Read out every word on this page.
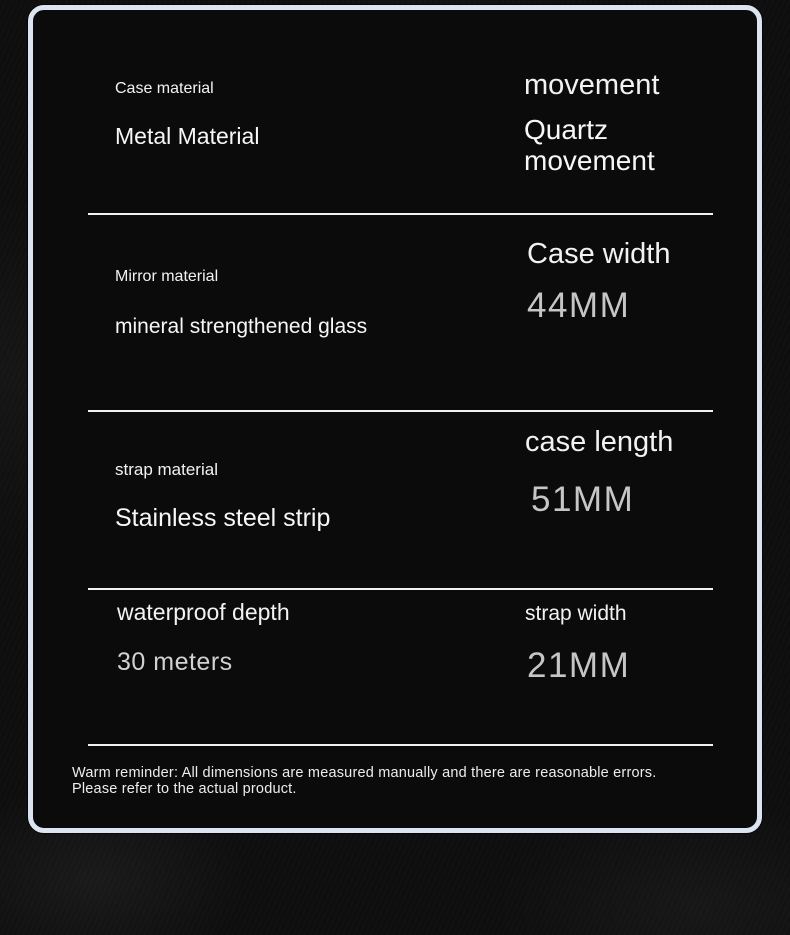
Case material
Metal Material
movement
Quartz movement
Mirror material
mineral strengthened glass
Case width
44MM
strap material
Stainless steel strip
case length
51MM
waterproof depth
30 meters
strap width
21MM
Warm reminder: All dimensions are measured manually and there are reasonable errors.
Please refer to the actual product.
